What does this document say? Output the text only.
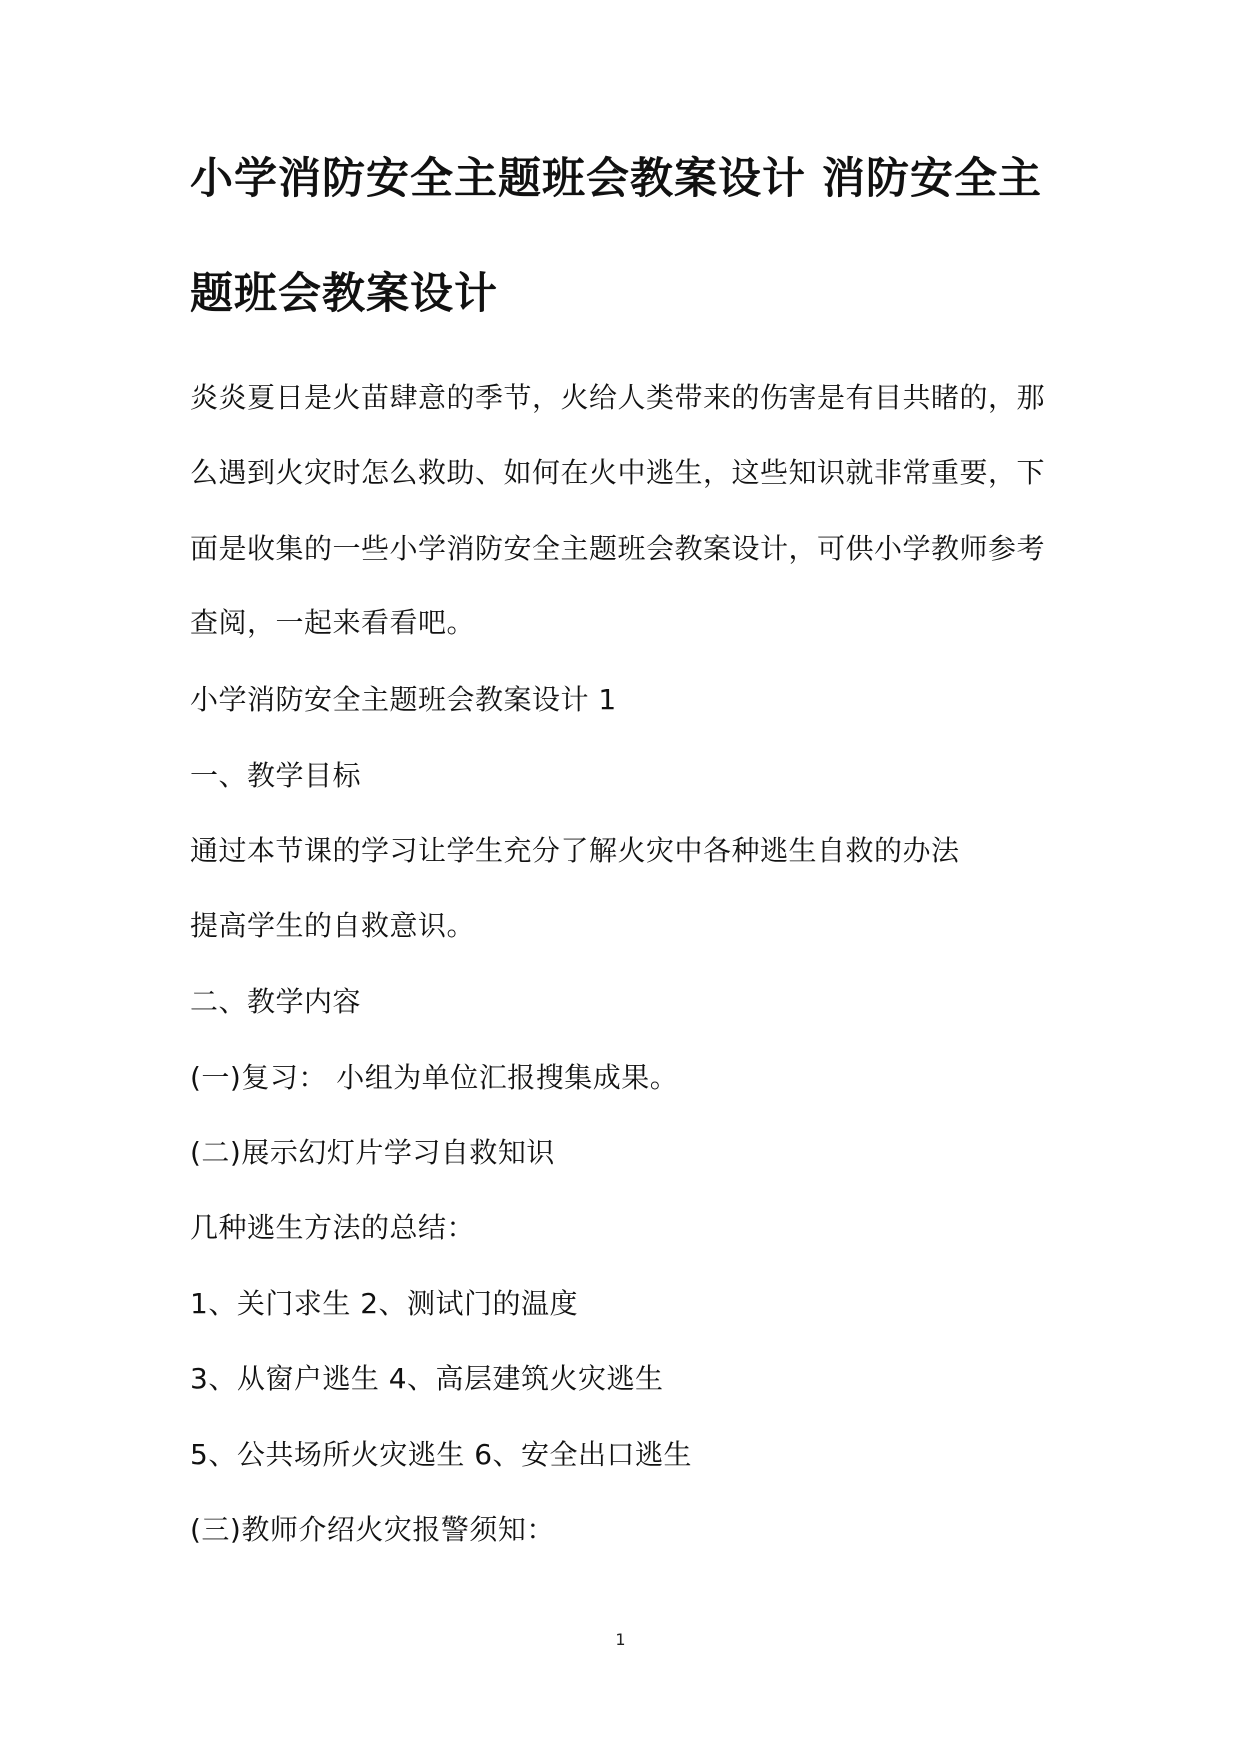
小学消防安全主题班会教案设计 消防安全主
题班会教案设计
炎炎夏日是火苗肆意的季节，火给人类带来的伤害是有目共睹的，那
么遇到火灾时怎么救助、如何在火中逃生，这些知识就非常重要，下
面是收集的一些小学消防安全主题班会教案设计，可供小学教师参考
查阅，一起来看看吧。
小学消防安全主题班会教案设计 1
一、教学目标
通过本节课的学习让学生充分了解火灾中各种逃生自救的办法
提高学生的自救意识。
二、教学内容
(一)复习： 小组为单位汇报搜集成果。
(二)展示幻灯片学习自救知识
几种逃生方法的总结：
1、关门求生 2、测试门的温度
3、从窗户逃生 4、高层建筑火灾逃生
5、公共场所火灾逃生 6、安全出口逃生
(三)教师介绍火灾报警须知：
1
